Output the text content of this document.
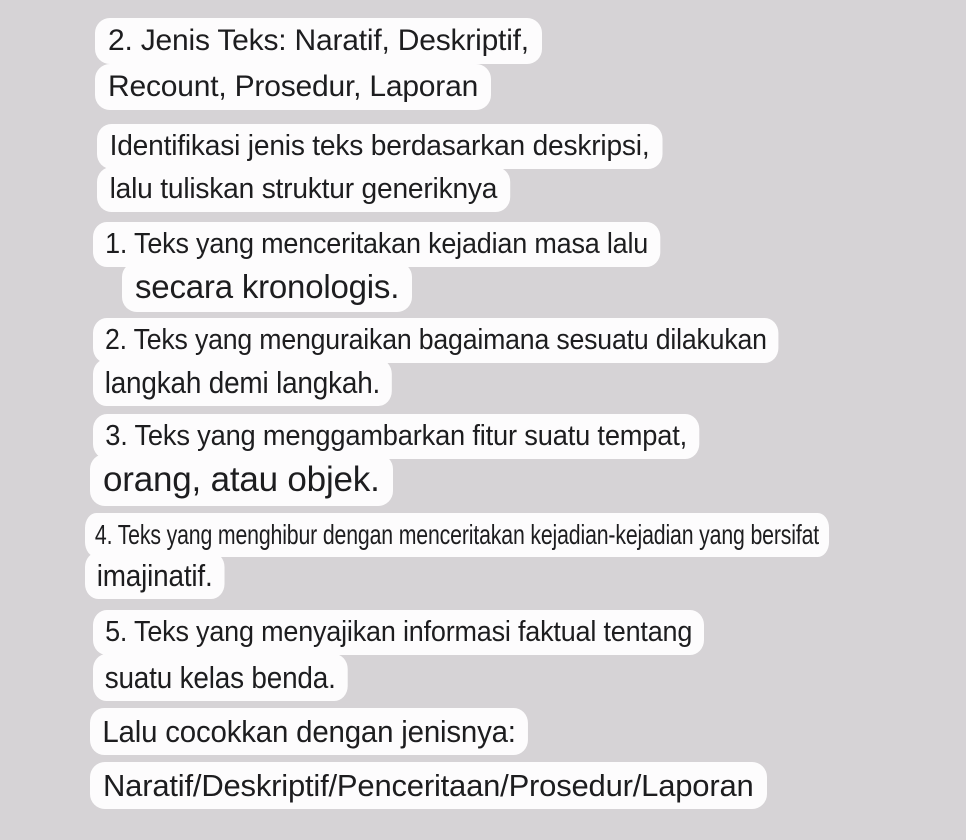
2. Jenis Teks: Naratif, Deskriptif,
Recount, Prosedur, Laporan
Identifikasi jenis teks berdasarkan deskripsi,
lalu tuliskan struktur generiknya
1. Teks yang menceritakan kejadian masa lalu
secara kronologis.
2. Teks yang menguraikan bagaimana sesuatu dilakukan
langkah demi langkah.
3. Teks yang menggambarkan fitur suatu tempat,
orang, atau objek.
4. Teks yang menghibur dengan menceritakan kejadian-kejadian yang bersifat
imajinatif.
5. Teks yang menyajikan informasi faktual tentang
suatu kelas benda.
Lalu cocokkan dengan jenisnya:
Naratif/Deskriptif/Penceritaan/Prosedur/Laporan
